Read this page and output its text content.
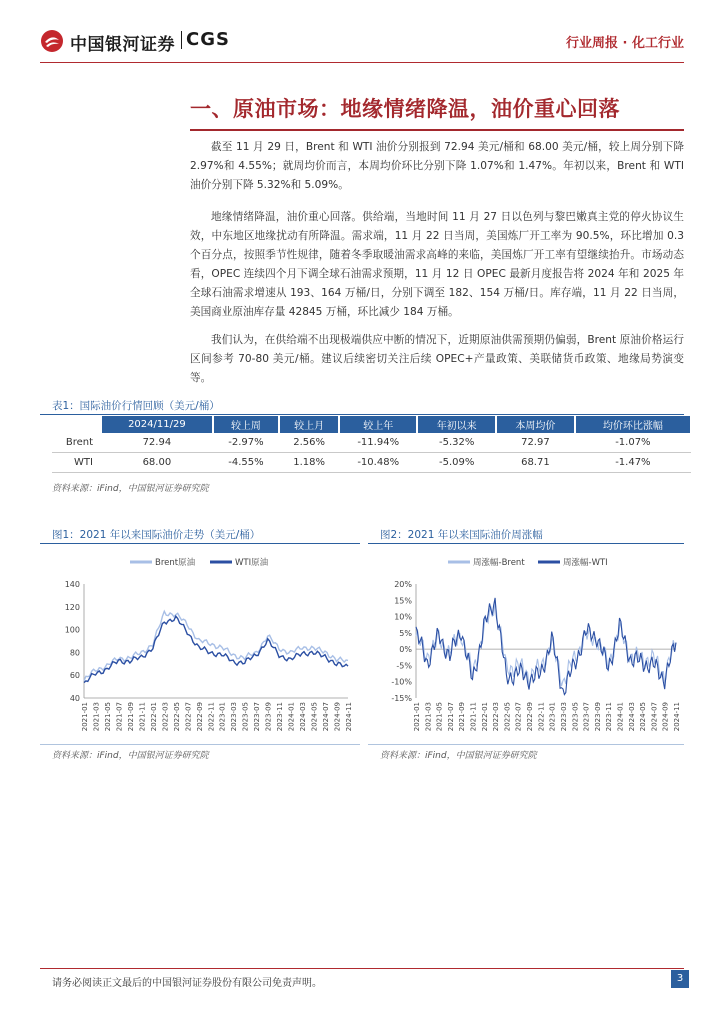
中国银河证券 CGS	行业周报 · 化工行业
一、原油市场：地缘情绪降温，油价重心回落

截至 11 月 29 日，Brent 和 WTI 油价分别报到 72.94 美元/桶和 68.00 美元/桶，较上周分别下降 2.97%和 4.55%；就周均价而言，本周均价环比分别下降 1.07%和 1.47%。年初以来，Brent 和 WTI 油价分别下降 5.32%和 5.09%。

地缘情绪降温，油价重心回落。供给端，当地时间 11 月 27 日以色列与黎巴嫩真主党的停火协议生效，中东地区地缘扰动有所降温。需求端，11 月 22 日当周，美国炼厂开工率为 90.5%，环比增加 0.3 个百分点，按照季节性规律，随着冬季取暖油需求高峰的来临，美国炼厂开工率有望继续抬升。市场动态看，OPEC 连续四个月下调全球石油需求预期，11 月 12 日 OPEC 最新月度报告将 2024 年和 2025 年全球石油需求增速从 193、164 万桶/日，分别下调至 182、154 万桶/日。库存端，11 月 22 日当周，美国商业原油库存量 42845 万桶，环比减少 184 万桶。

我们认为，在供给端不出现极端供应中断的情况下，近期原油供需预期仍偏弱，Brent 原油价格运行区间参考 70-80 美元/桶。建议后续密切关注后续 OPEC+产量政策、美联储货币政策、地缘局势演变等。

表1：国际油价行情回顾（美元/桶）
	2024/11/29	较上周	较上月	较上年	年初以来	本周均价	均价环比涨幅
Brent	72.94	-2.97%	2.56%	-11.94%	-5.32%	72.97	-1.07%
WTI	68.00	-4.55%	1.18%	-10.48%	-5.09%	68.71	-1.47%
资料来源：iFind，中国银河证券研究院
图1：2021 年以来国际油价走势（美元/桶）
Brent原油	WTI原油
40
60
80
100
120
140
2021-01 2021-03 2021-05 2021-07 2021-09 2021-11 2022-01 2022-03 2022-05 2022-07 2022-09 2022-11 2023-01 2023-03 2023-05 2023-07 2023-09 2023-11 2024-01 2024-03 2024-05 2024-07 2024-09 2024-11
资料来源：iFind，中国银河证券研究院
图2：2021 年以来国际油价周涨幅
周涨幅-Brent	周涨幅-WTI
-15%
-10%
-5%
0%
5%
10%
15%
20%
2021-01 2021-03 2021-05 2021-07 2021-09 2021-11 2022-01 2022-03 2022-05 2022-07 2022-09 2022-11 2023-01 2023-03 2023-05 2023-07 2023-09 2023-11 2024-01 2024-03 2024-05 2024-07 2024-09 2024-11
资料来源：iFind，中国银河证券研究院
请务必阅读正文最后的中国银河证券股份有限公司免责声明。	3
